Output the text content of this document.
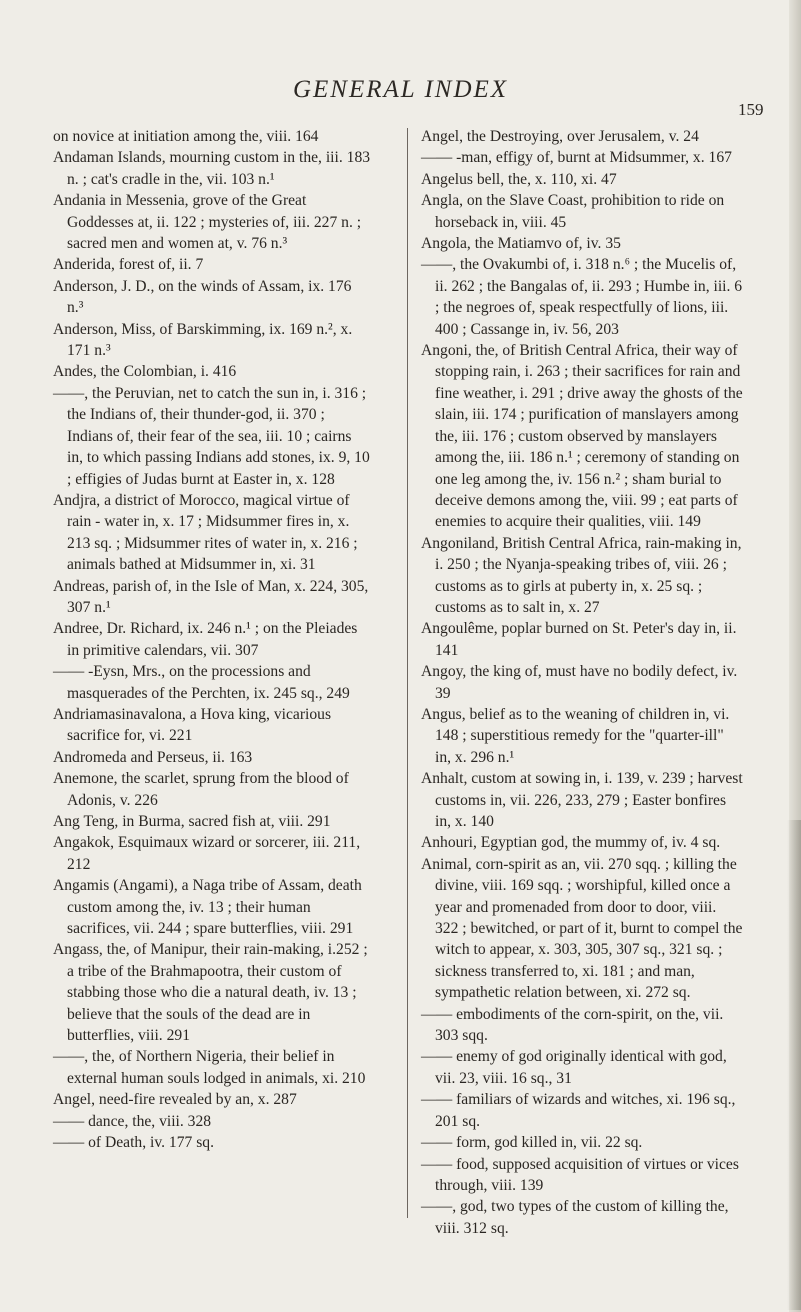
GENERAL INDEX
159

on novice at initiation among the, viii. 164

Andaman Islands, mourning custom in the, iii. 183 n. ; cat's cradle in the, vii. 103 n.¹

Andania in Messenia, grove of the Great Goddesses at, ii. 122 ; mysteries of, iii. 227 n. ; sacred men and women at, v. 76 n.³

Anderida, forest of, ii. 7

Anderson, J. D., on the winds of Assam, ix. 176 n.³

Anderson, Miss, of Barskimming, ix. 169 n.², x. 171 n.³

Andes, the Colombian, i. 416

——, the Peruvian, net to catch the sun in, i. 316 ; the Indians of, their thunder-god, ii. 370 ; Indians of, their fear of the sea, iii. 10 ; cairns in, to which passing Indians add stones, ix. 9, 10 ; effigies of Judas burnt at Easter in, x. 128

Andjra, a district of Morocco, magical virtue of rain - water in, x. 17 ; Midsummer fires in, x. 213 sq. ; Midsummer rites of water in, x. 216 ; animals bathed at Midsummer in, xi. 31

Andreas, parish of, in the Isle of Man, x. 224, 305, 307 n.¹

Andree, Dr. Richard, ix. 246 n.¹ ; on the Pleiades in primitive calendars, vii. 307

—— -Eysn, Mrs., on the processions and masquerades of the Perchten, ix. 245 sq., 249

Andriamasinavalona, a Hova king, vicarious sacrifice for, vi. 221

Andromeda and Perseus, ii. 163

Anemone, the scarlet, sprung from the blood of Adonis, v. 226

Ang Teng, in Burma, sacred fish at, viii. 291

Angakok, Esquimaux wizard or sorcerer, iii. 211, 212

Angamis (Angami), a Naga tribe of Assam, death custom among the, iv. 13 ; their human sacrifices, vii. 244 ; spare butterflies, viii. 291

Angass, the, of Manipur, their rain-making, i.252 ; a tribe of the Brahmapootra, their custom of stabbing those who die a natural death, iv. 13 ; believe that the souls of the dead are in butterflies, viii. 291

——, the, of Northern Nigeria, their belief in external human souls lodged in animals, xi. 210

Angel, need-fire revealed by an, x. 287

—— dance, the, viii. 328

—— of Death, iv. 177 sq.

Angel, the Destroying, over Jerusalem, v. 24

—— -man, effigy of, burnt at Midsummer, x. 167

Angelus bell, the, x. 110, xi. 47

Angla, on the Slave Coast, prohibition to ride on horseback in, viii. 45

Angola, the Matiamvo of, iv. 35

——, the Ovakumbi of, i. 318 n.⁶ ; the Mucelis of, ii. 262 ; the Bangalas of, ii. 293 ; Humbe in, iii. 6 ; the negroes of, speak respectfully of lions, iii. 400 ; Cassange in, iv. 56, 203

Angoni, the, of British Central Africa, their way of stopping rain, i. 263 ; their sacrifices for rain and fine weather, i. 291 ; drive away the ghosts of the slain, iii. 174 ; purification of manslayers among the, iii. 176 ; custom observed by manslayers among the, iii. 186 n.¹ ; ceremony of standing on one leg among the, iv. 156 n.² ; sham burial to deceive demons among the, viii. 99 ; eat parts of enemies to acquire their qualities, viii. 149

Angoniland, British Central Africa, rain-making in, i. 250 ; the Nyanja-speaking tribes of, viii. 26 ; customs as to girls at puberty in, x. 25 sq. ; customs as to salt in, x. 27

Angoulême, poplar burned on St. Peter's day in, ii. 141

Angoy, the king of, must have no bodily defect, iv. 39

Angus, belief as to the weaning of children in, vi. 148 ; superstitious remedy for the "quarter-ill" in, x. 296 n.¹

Anhalt, custom at sowing in, i. 139, v. 239 ; harvest customs in, vii. 226, 233, 279 ; Easter bonfires in, x. 140

Anhouri, Egyptian god, the mummy of, iv. 4 sq.

Animal, corn-spirit as an, vii. 270 sqq. ; killing the divine, viii. 169 sqq. ; worshipful, killed once a year and promenaded from door to door, viii. 322 ; bewitched, or part of it, burnt to compel the witch to appear, x. 303, 305, 307 sq., 321 sq. ; sickness transferred to, xi. 181 ; and man, sympathetic relation between, xi. 272 sq.

—— embodiments of the corn-spirit, on the, vii. 303 sqq.

—— enemy of god originally identical with god, vii. 23, viii. 16 sq., 31

—— familiars of wizards and witches, xi. 196 sq., 201 sq.

—— form, god killed in, vii. 22 sq.

—— food, supposed acquisition of virtues or vices through, viii. 139

——, god, two types of the custom of killing the, viii. 312 sq.
